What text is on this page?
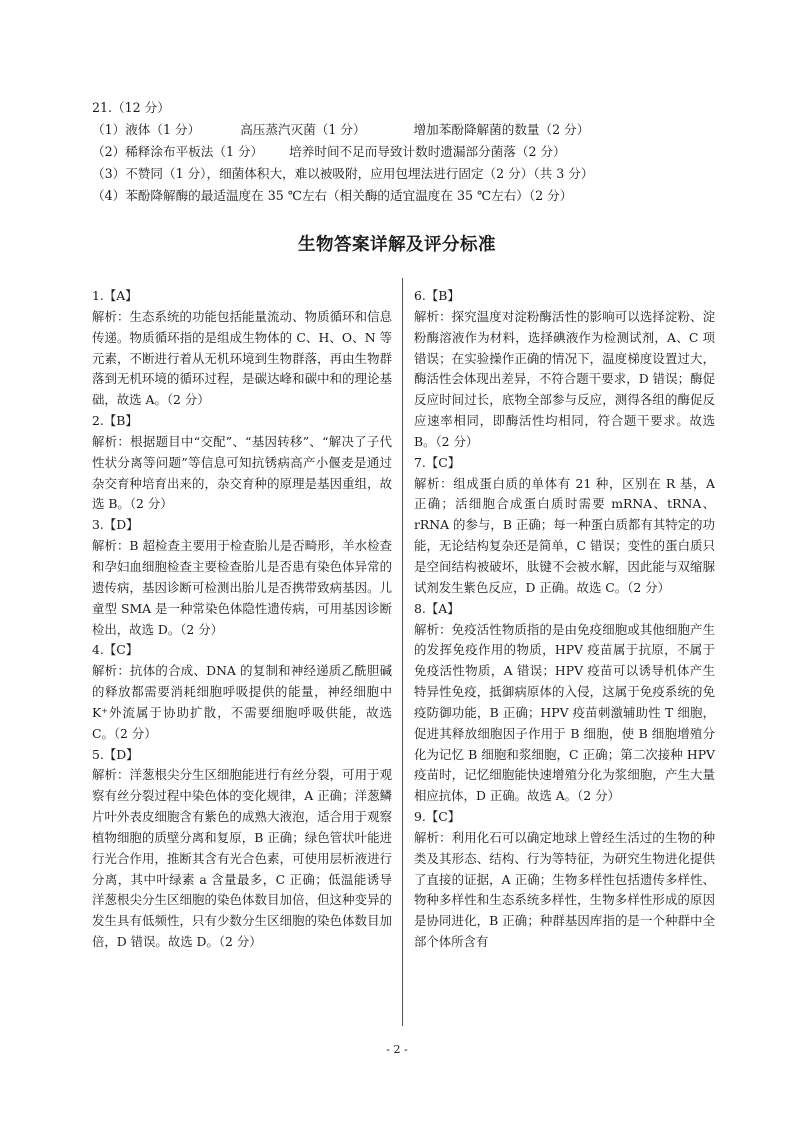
21.（12 分）
（1）液体（1 分）	高压蒸汽灭菌（1 分）	增加苯酚降解菌的数量（2 分）
（2）稀释涂布平板法（1 分） 培养时间不足而导致计数时遗漏部分菌落（2 分）
（3）不赞同（1 分），细菌体积大，难以被吸附，应用包埋法进行固定（2 分）（共 3 分）
（4）苯酚降解酶的最适温度在 35 ℃左右（相关酶的适宜温度在 35 ℃左右）（2 分）
生物答案详解及评分标准
1.【A】

解析：生态系统的功能包括能量流动、物质循环和信息传递。物质循环指的是组成生物体的 C、H、O、N 等元素，不断进行着从无机环境到生物群落，再由生物群落到无机环境的循环过程，是碳达峰和碳中和的理论基础，故选 A。（2 分）

2.【B】

解析：根据题目中“交配”、“基因转移”、“解决了子代性状分离等问题”等信息可知抗锈病高产小偃麦是通过杂交育种培育出来的，杂交育种的原理是基因重组，故选 B。（2 分）

3.【D】

解析：B 超检查主要用于检查胎儿是否畸形，羊水检查和孕妇血细胞检查主要检查胎儿是否患有染色体异常的遗传病，基因诊断可检测出胎儿是否携带致病基因。儿童型 SMA 是一种常染色体隐性遗传病，可用基因诊断检出，故选 D。（2 分）

4.【C】

解析：抗体的合成、DNA 的复制和神经递质乙酰胆碱的释放都需要消耗细胞呼吸提供的能量，神经细胞中 K⁺外流属于协助扩散，不需要细胞呼吸供能，故选 C。（2 分）

5.【D】

解析：洋葱根尖分生区细胞能进行有丝分裂，可用于观察有丝分裂过程中染色体的变化规律，A 正确；洋葱鳞片叶外表皮细胞含有紫色的成熟大液泡，适合用于观察植物细胞的质壁分离和复原，B 正确；绿色管状叶能进行光合作用，推断其含有光合色素，可使用层析液进行分离，其中叶绿素 a 含量最多，C 正确；低温能诱导洋葱根尖分生区细胞的染色体数目加倍，但这种变异的发生具有低频性，只有少数分生区细胞的染色体数目加倍，D 错误。故选 D。（2 分）

6.【B】

解析：探究温度对淀粉酶活性的影响可以选择淀粉、淀粉酶溶液作为材料，选择碘液作为检测试剂，A、C 项错误；在实验操作正确的情况下，温度梯度设置过大，酶活性会体现出差异，不符合题干要求，D 错误；酶促反应时间过长，底物全部参与反应，测得各组的酶促反应速率相同，即酶活性均相同，符合题干要求。故选 B。（2 分）

7.【C】

解析：组成蛋白质的单体有 21 种，区别在 R 基，A 正确；活细胞合成蛋白质时需要 mRNA、tRNA、rRNA 的参与，B 正确；每一种蛋白质都有其特定的功能，无论结构复杂还是简单，C 错误；变性的蛋白质只是空间结构被破坏，肽键不会被水解，因此能与双缩脲试剂发生紫色反应，D 正确。故选 C。（2 分）

8.【A】

解析：免疫活性物质指的是由免疫细胞或其他细胞产生的发挥免疫作用的物质，HPV 疫苗属于抗原，不属于免疫活性物质，A 错误；HPV 疫苗可以诱导机体产生特异性免疫，抵御病原体的入侵，这属于免疫系统的免疫防御功能，B 正确；HPV 疫苗刺激辅助性 T 细胞，促进其释放细胞因子作用于 B 细胞，使 B 细胞增殖分化为记忆 B 细胞和浆细胞，C 正确；第二次接种 HPV 疫苗时，记忆细胞能快速增殖分化为浆细胞，产生大量相应抗体，D 正确。故选 A。（2 分）

9.【C】

解析：利用化石可以确定地球上曾经生活过的生物的种类及其形态、结构、行为等特征，为研究生物进化提供了直接的证据，A 正确；生物多样性包括遗传多样性、物种多样性和生态系统多样性，生物多样性形成的原因是协同进化，B 正确；种群基因库指的是一个种群中全部个体所含有

- 2 -
